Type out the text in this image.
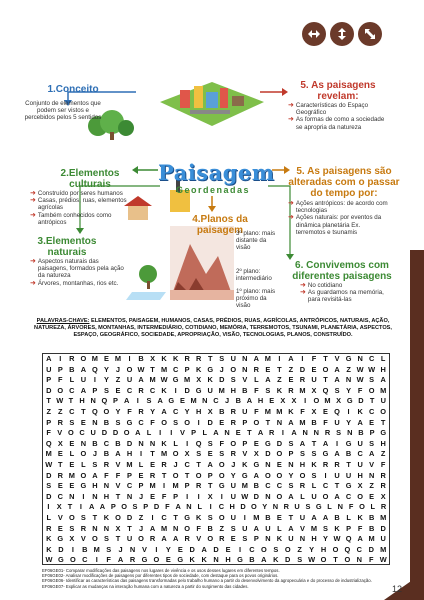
1.Conceito
Conjunto de elementos que podem ser vistos e percebidos pelos 5 sentidos
2.Elementos culturais
➜ Construído por seres humanos
➜ Casas, prédios, ruas, elementos agrícolas
➜ Também conhecidos como antrópicos
3.Elementos naturais
➜ Aspectos naturais das paisagens, formados pela ação da natureza
➜ Árvores, montanhas, rios etc.
Paisagem
Geordenadas
4.Planos da paisagem
3º plano: mais distante da visão
2º plano: intermediário
1º plano: mais próximo da visão
5. As paisagens revelam:
➜ Características do Espaço Geográfico
➜ As formas de como a sociedade se apropria da natureza
5. As paisagens são alteradas com o passar do tempo por:
➜ Ações antrópicos: de acordo com tecnologias
➜ Ações naturais: por eventos da dinâmica planetária Ex. terremotos e tsunamis
6. Convivemos com diferentes paisagens
➜ No cotidiano
➜ As guardamos na memória, para revisitá-las
PALAVRAS-CHAVE: ELEMENTOS, PAISAGEM, HUMANOS, CASAS, PRÉDIOS, RUAS, AGRÍCOLAS, ANTRÓPICOS, NATURAIS, AÇÃO, NATUREZA, ÁRVORES, MONTANHAS, INTERMEDIÁRIO, COTIDIANO, MEMÓRIA, TERREMOTOS, TSUNAMI, PLANETÁRIA, ASPECTOS, ESPAÇO, GEOGRÁFICO, SOCIEDADE, APROPRIAÇÃO, VISÃO, TECNOLOGIAS, PLANOS, CONSTRUÍDO.
A	I	R O M E M	I	B X K K R R T S U N A M	I	A	I	F T V G N C L
U P B A Q Y J O W T M C P K G J O N R E T Z D E O A Z W W H
P F L U	I	Y Z U A M W G M X K D S V L A Z E R U T A N W S A
D O C A P S E C R C K	I	D G U M H B F S K R M X Q S Y F O M
T W T H N Q P A	I	S A G E M N C J B A H E X X	I O M X G D T U
Z Z C T Q O Y F R Y A C Y H X B R U F M M K F X E Q	I	K C O
P R S E N B S G C F O S O	I	D E R P O T N A M B F U Y A E T
F V O C U D D O A L	I	I	V P L A N E T A R	I	A N N R S N B P G
Q X E N B C B D N N K L	I	Q S F O P E G D S A T A	I	G U S H
M E L O J B A H	I	T M O X S E S R V X D O P S S G A B C A Z
W T E L S R V M L E R J C T A O J K G N E N H K R R T U V F
D R M O A F F P E R T O T O P O Y G A O O Y O S	I	U U H N R
S E E G H N V C P M	I	M P R T G U M B C C S R L C T G X Z R
D C N	I	N H T N J E F P	I	I	X	I	U W D N O A L U O A C O E X
I X T	I A A P O S P D F A N L	I C H D O Y N R U S G L N F O L R
L V O S T K O D Z	I	C T G K S O U	I	M B E T U A A B L K B M
R E S R N N X T J A M N O F B Z S U A U L A V M S K P F B D
K G X V O S T U O R A A R V O R E S P N K U N H Y W Q A M U
K D	I	B M S	J N V	I	Y E D A D E	I	C O S O Z Y H O Q C D M
W G O C	I	F A R G O E G K K N H G B A K D S W O T O N F W
EF06GE01- Comparar modificações das paisagens nos lugares de vivência e os usos desses lugares em diferentes tempos.
EF06GE02- Analisar modificações de paisagens por diferentes tipos de sociedade, com destaque para os povos originários.
EF06GE06- Identificar as características das paisagens transformadas pelo trabalho humano a partir do desenvolvimento da agropecuária e do processo de industrialização.
EF06GE07- Explicar as mudanças na interação humana com a natureza a partir do surgimento das cidades.	12
